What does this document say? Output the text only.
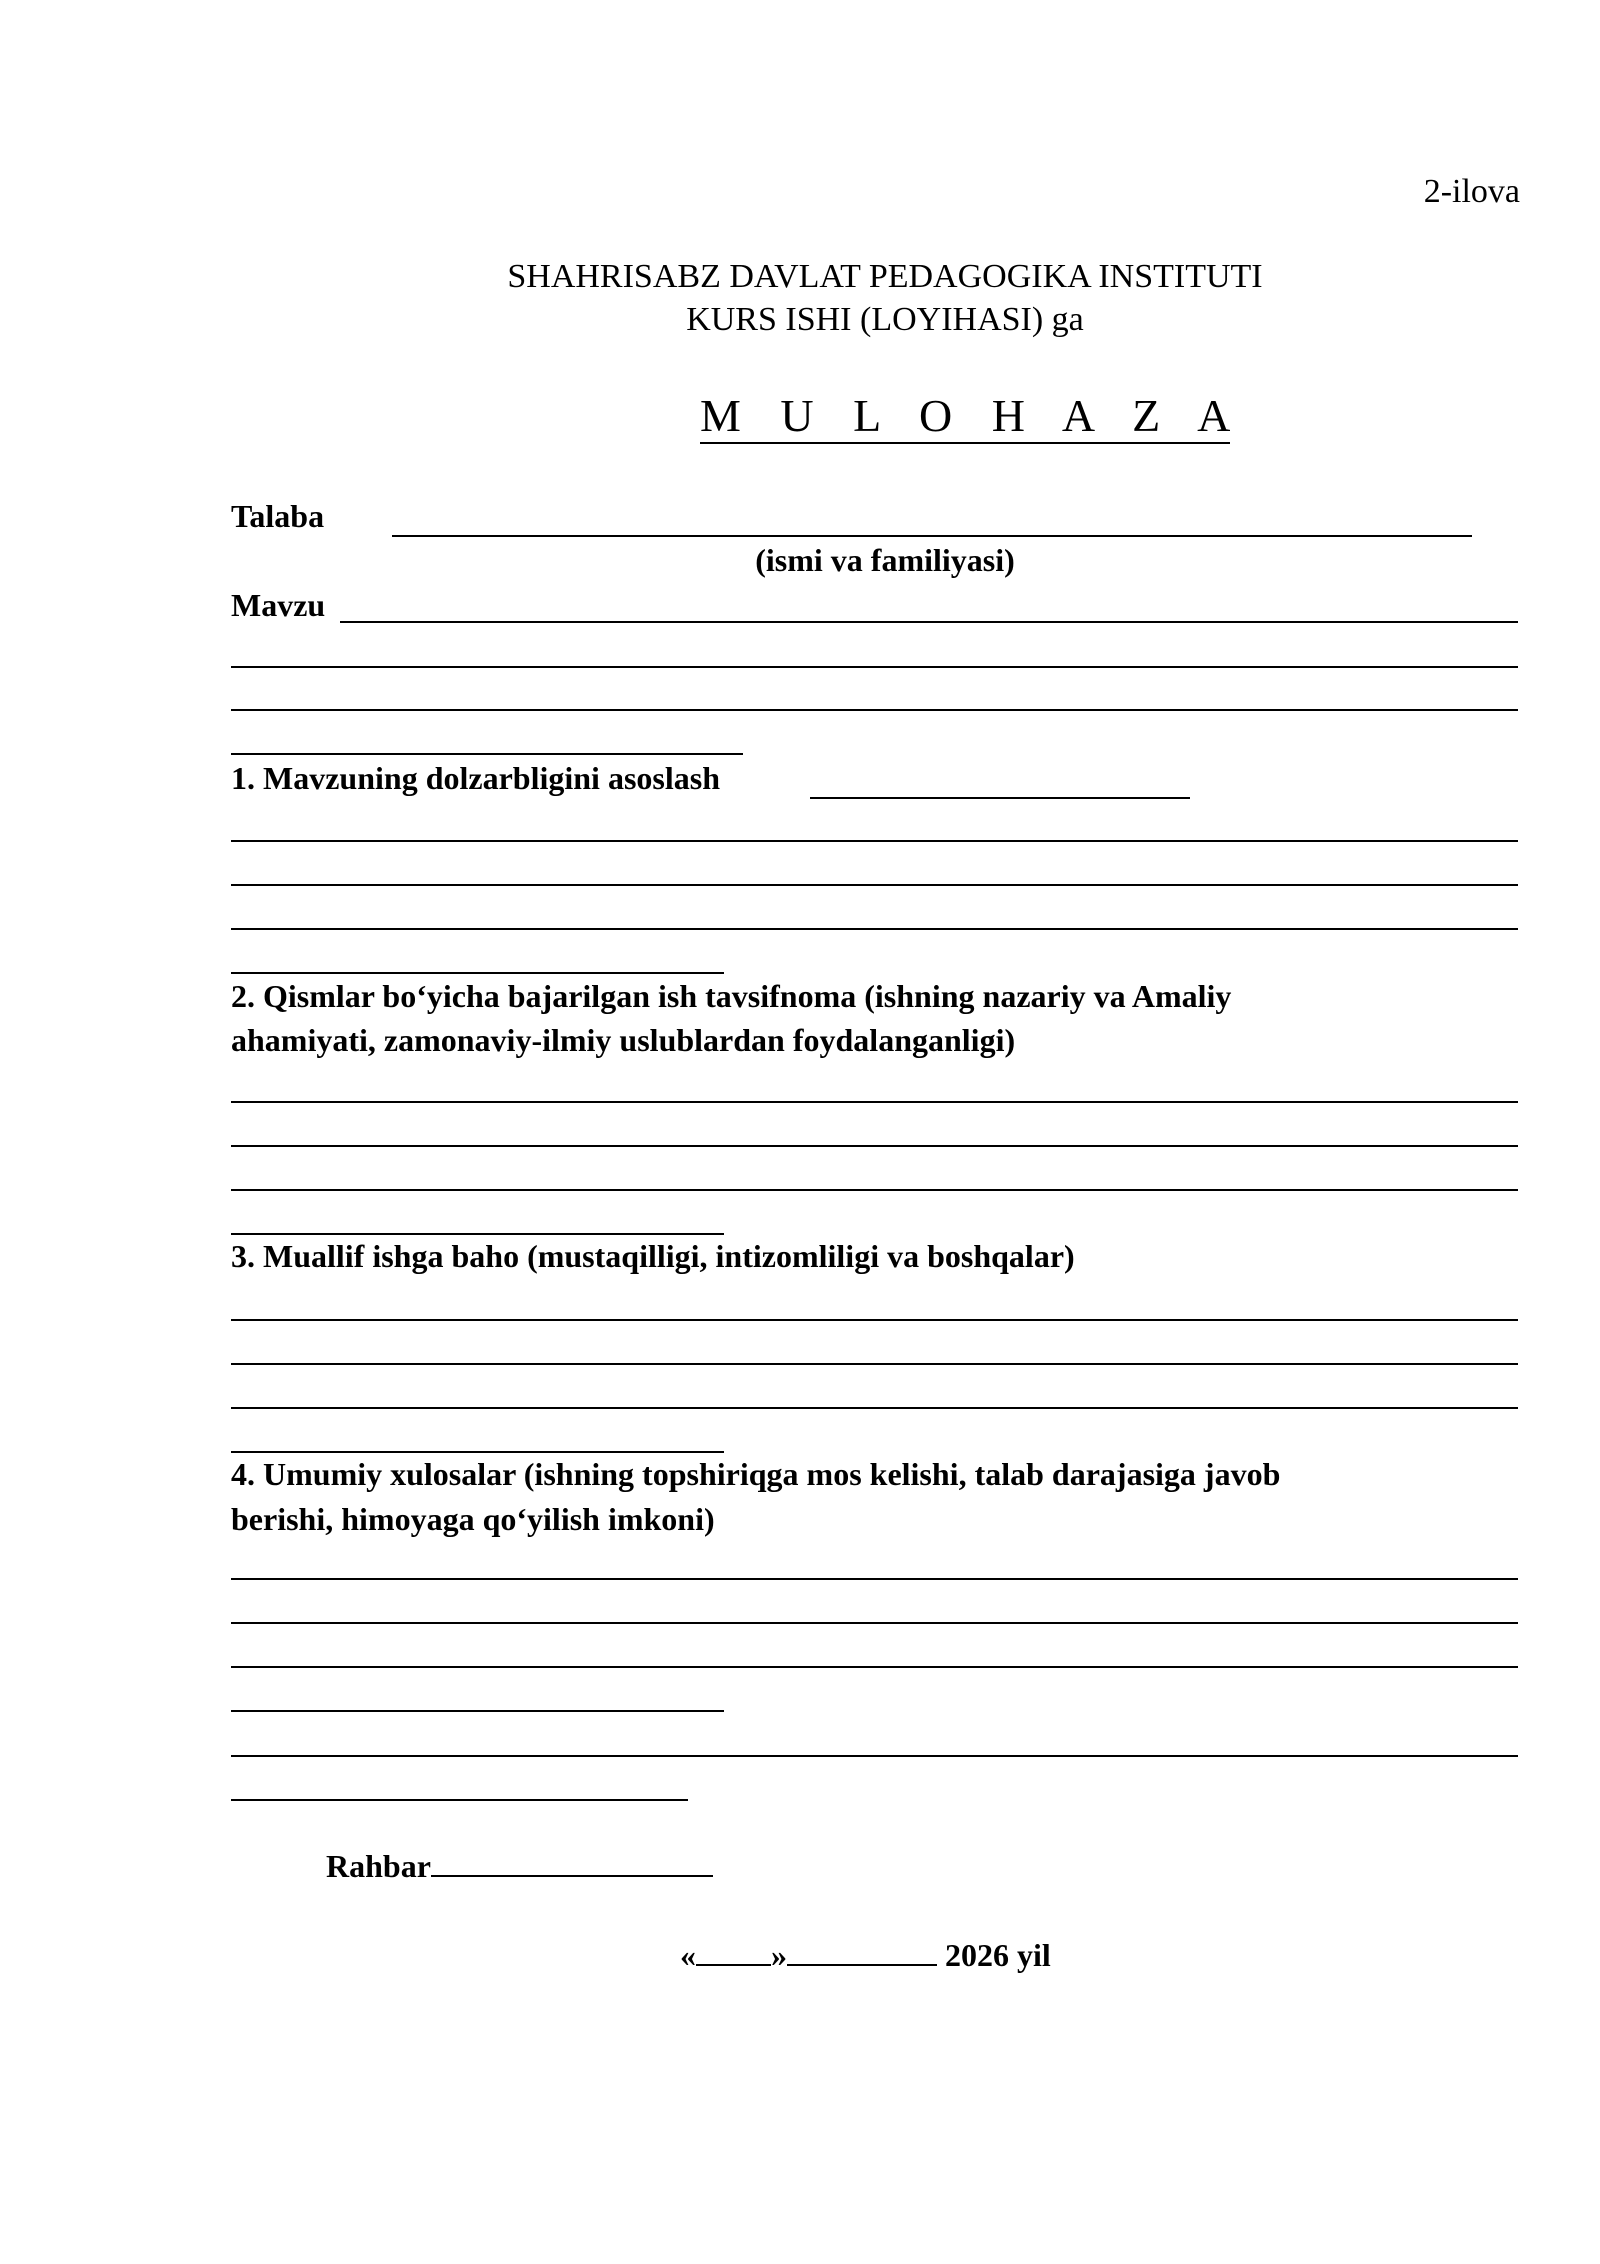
2-ilova
SHAHRISABZ DAVLAT PEDAGOGIKA INSTITUTI
KURS ISHI (LOYIHASI) ga
M U L O H A Z A
Talaba
(ismi va familiyasi)
Mavzu
1. Mavzuning dolzarbligini asoslash
2. Qismlar bo‘yicha bajarilgan ish tavsifnoma (ishning nazariy va Amaliy
ahamiyati, zamonaviy-ilmiy uslublardan foydalanganligi)
3. Muallif ishga baho (mustaqilligi, intizomliligi va boshqalar)
4. Umumiy xulosalar (ishning topshiriqga mos kelishi, talab darajasiga javob
berishi, himoyaga qo‘yilish imkoni)
Rahbar
« »	2026 yil
